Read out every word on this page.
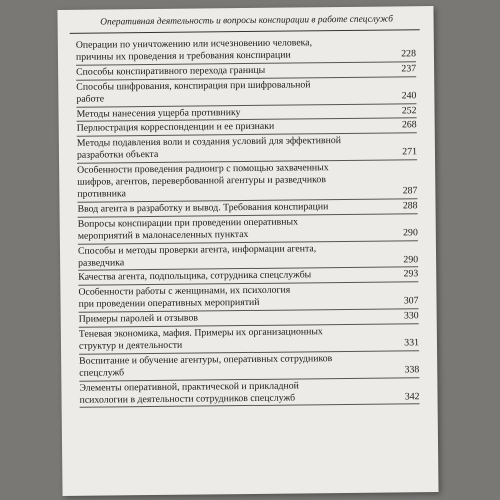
Оперативная деятельность и вопросы конспирации в работе спецслужб
Операции по уничтожению или исчезновению человека,
причины их проведения и требования конспирации	228
Способы конспиративного перехода границы	237
Способы шифрования, конспирация при шифровальной
работе	240
Методы нанесения ущерба противнику	252
Перлюстрация корреспонденции и ее признаки	268
Методы подавления воли и создания условий для эффективной
разработки объекта	271
Особенности проведения радиоигр с помощью захваченных
шифров, агентов, перевербованной агентуры и разведчиков
противника	287
Ввод агента в разработку и вывод. Требования конспирации	288
Вопросы конспирации при проведении оперативных
мероприятий в малонаселенных пунктах	290
Способы и методы проверки агента, информации агента,
разведчика	290
Качества агента, подпольщика, сотрудника спецслужбы	293
Особенности работы с женщинами, их психология
при проведении оперативных мероприятий	307
Примеры паролей и отзывов	330
Теневая экономика, мафия. Примеры их организационных
структур и деятельности	331
Воспитание и обучение агентуры, оперативных сотрудников
спецслужб	338
Элементы оперативной, практической и прикладной
психологии в деятельности сотрудников спецслужб	342
